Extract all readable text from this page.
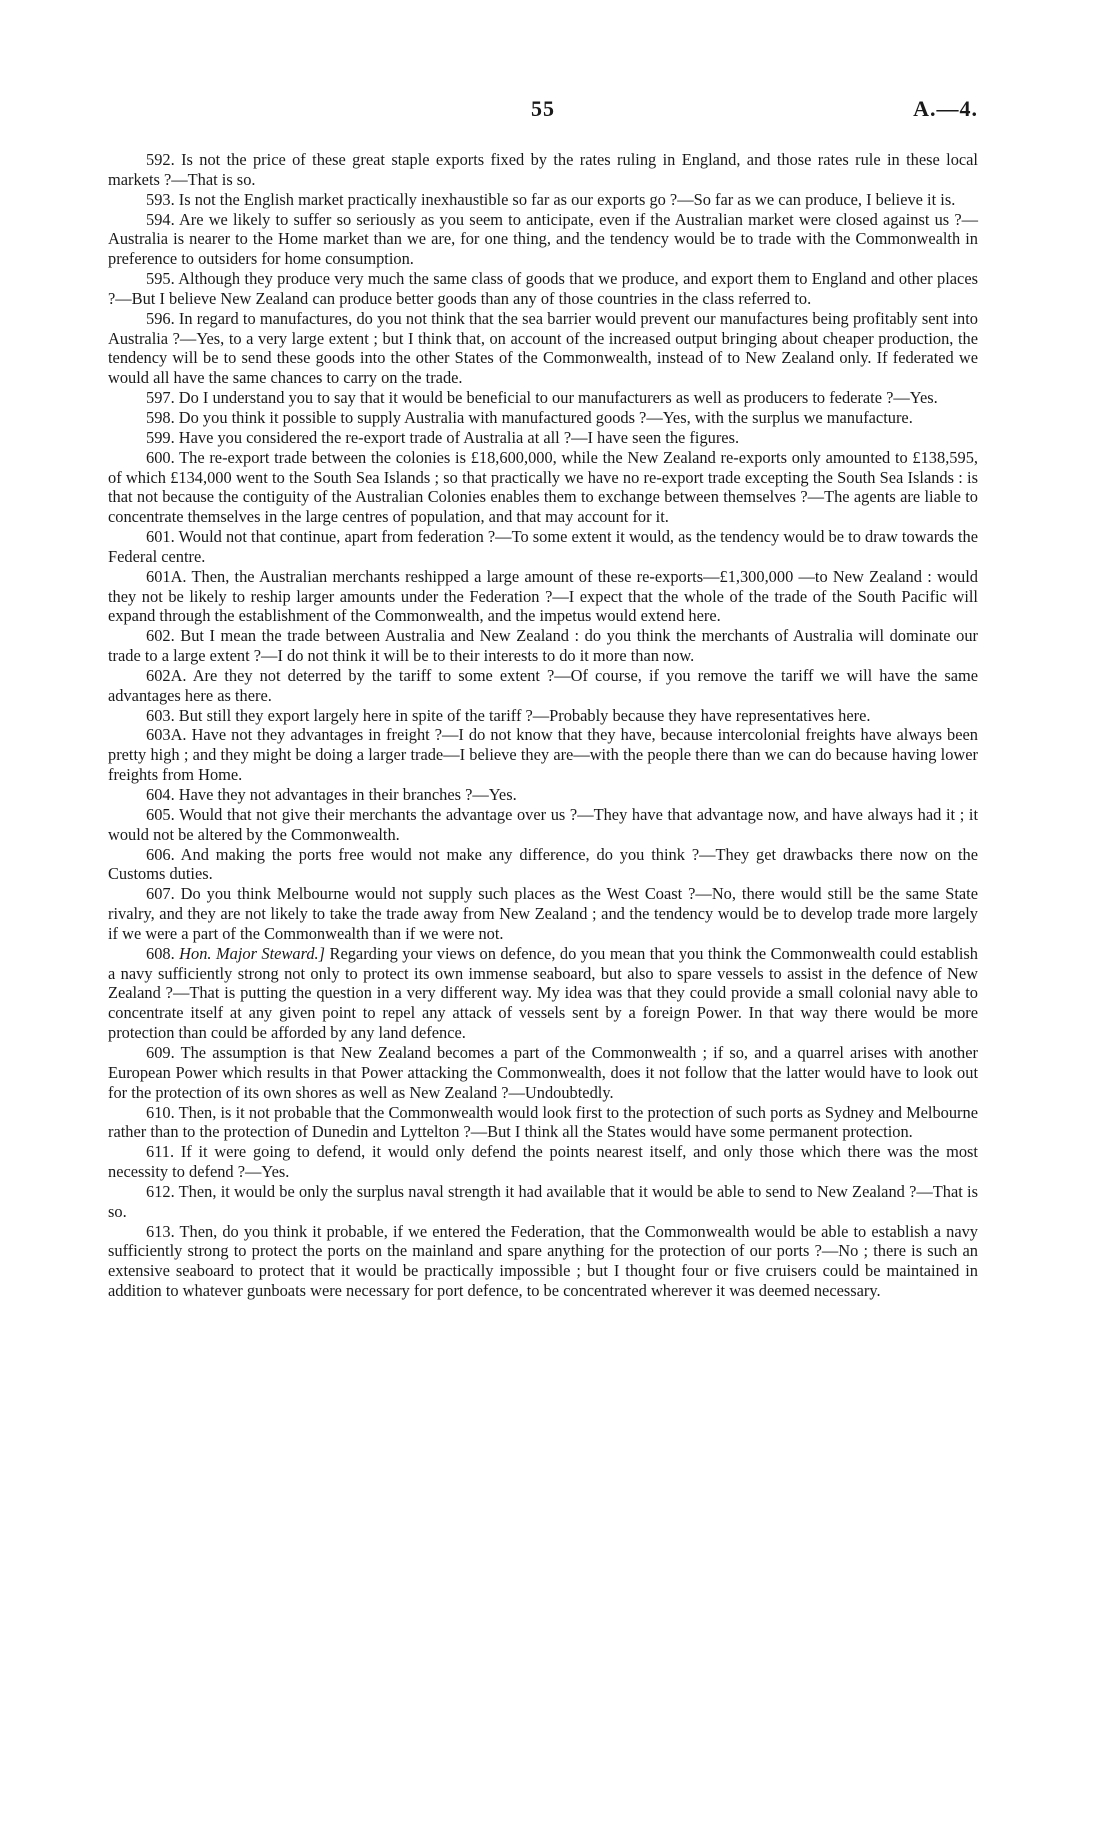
55	A.—4.

592. Is not the price of these great staple exports fixed by the rates ruling in England, and those rates rule in these local markets ?—That is so.

593. Is not the English market practically inexhaustible so far as our exports go ?—So far as we can produce, I believe it is.

594. Are we likely to suffer so seriously as you seem to anticipate, even if the Australian market were closed against us ?—Australia is nearer to the Home market than we are, for one thing, and the tendency would be to trade with the Commonwealth in preference to outsiders for home consumption.

595. Although they produce very much the same class of goods that we produce, and export them to England and other places ?—But I believe New Zealand can produce better goods than any of those countries in the class referred to.

596. In regard to manufactures, do you not think that the sea barrier would prevent our manufactures being profitably sent into Australia ?—Yes, to a very large extent ; but I think that, on account of the increased output bringing about cheaper production, the tendency will be to send these goods into the other States of the Commonwealth, instead of to New Zealand only. If federated we would all have the same chances to carry on the trade.

597. Do I understand you to say that it would be beneficial to our manufacturers as well as producers to federate ?—Yes.

598. Do you think it possible to supply Australia with manufactured goods ?—Yes, with the surplus we manufacture.

599. Have you considered the re-export trade of Australia at all ?—I have seen the figures.

600. The re-export trade between the colonies is £18,600,000, while the New Zealand re-exports only amounted to £138,595, of which £134,000 went to the South Sea Islands ; so that practically we have no re-export trade excepting the South Sea Islands : is that not because the contiguity of the Australian Colonies enables them to exchange between themselves ?—The agents are liable to concentrate themselves in the large centres of population, and that may account for it.

601. Would not that continue, apart from federation ?—To some extent it would, as the tendency would be to draw towards the Federal centre.

601A. Then, the Australian merchants reshipped a large amount of these re-exports—£1,300,000 —to New Zealand : would they not be likely to reship larger amounts under the Federation ?—I expect that the whole of the trade of the South Pacific will expand through the establishment of the Commonwealth, and the impetus would extend here.

602. But I mean the trade between Australia and New Zealand : do you think the merchants of Australia will dominate our trade to a large extent ?—I do not think it will be to their interests to do it more than now.

602A. Are they not deterred by the tariff to some extent ?—Of course, if you remove the tariff we will have the same advantages here as there.

603. But still they export largely here in spite of the tariff ?—Probably because they have representatives here.

603A. Have not they advantages in freight ?—I do not know that they have, because intercolonial freights have always been pretty high ; and they might be doing a larger trade—I believe they are—with the people there than we can do because having lower freights from Home.

604. Have they not advantages in their branches ?—Yes.

605. Would that not give their merchants the advantage over us ?—They have that advantage now, and have always had it ; it would not be altered by the Commonwealth.

606. And making the ports free would not make any difference, do you think ?—They get drawbacks there now on the Customs duties.

607. Do you think Melbourne would not supply such places as the West Coast ?—No, there would still be the same State rivalry, and they are not likely to take the trade away from New Zealand ; and the tendency would be to develop trade more largely if we were a part of the Commonwealth than if we were not.

608. Hon. Major Steward.] Regarding your views on defence, do you mean that you think the Commonwealth could establish a navy sufficiently strong not only to protect its own immense seaboard, but also to spare vessels to assist in the defence of New Zealand ?—That is putting the question in a very different way. My idea was that they could provide a small colonial navy able to concentrate itself at any given point to repel any attack of vessels sent by a foreign Power. In that way there would be more protection than could be afforded by any land defence.

609. The assumption is that New Zealand becomes a part of the Commonwealth ; if so, and a quarrel arises with another European Power which results in that Power attacking the Commonwealth, does it not follow that the latter would have to look out for the protection of its own shores as well as New Zealand ?—Undoubtedly.

610. Then, is it not probable that the Commonwealth would look first to the protection of such ports as Sydney and Melbourne rather than to the protection of Dunedin and Lyttelton ?—But I think all the States would have some permanent protection.

611. If it were going to defend, it would only defend the points nearest itself, and only those which there was the most necessity to defend ?—Yes.

612. Then, it would be only the surplus naval strength it had available that it would be able to send to New Zealand ?—That is so.

613. Then, do you think it probable, if we entered the Federation, that the Commonwealth would be able to establish a navy sufficiently strong to protect the ports on the mainland and spare anything for the protection of our ports ?—No ; there is such an extensive seaboard to protect that it would be practically impossible ; but I thought four or five cruisers could be maintained in addition to whatever gunboats were necessary for port defence, to be concentrated wherever it was deemed necessary.
